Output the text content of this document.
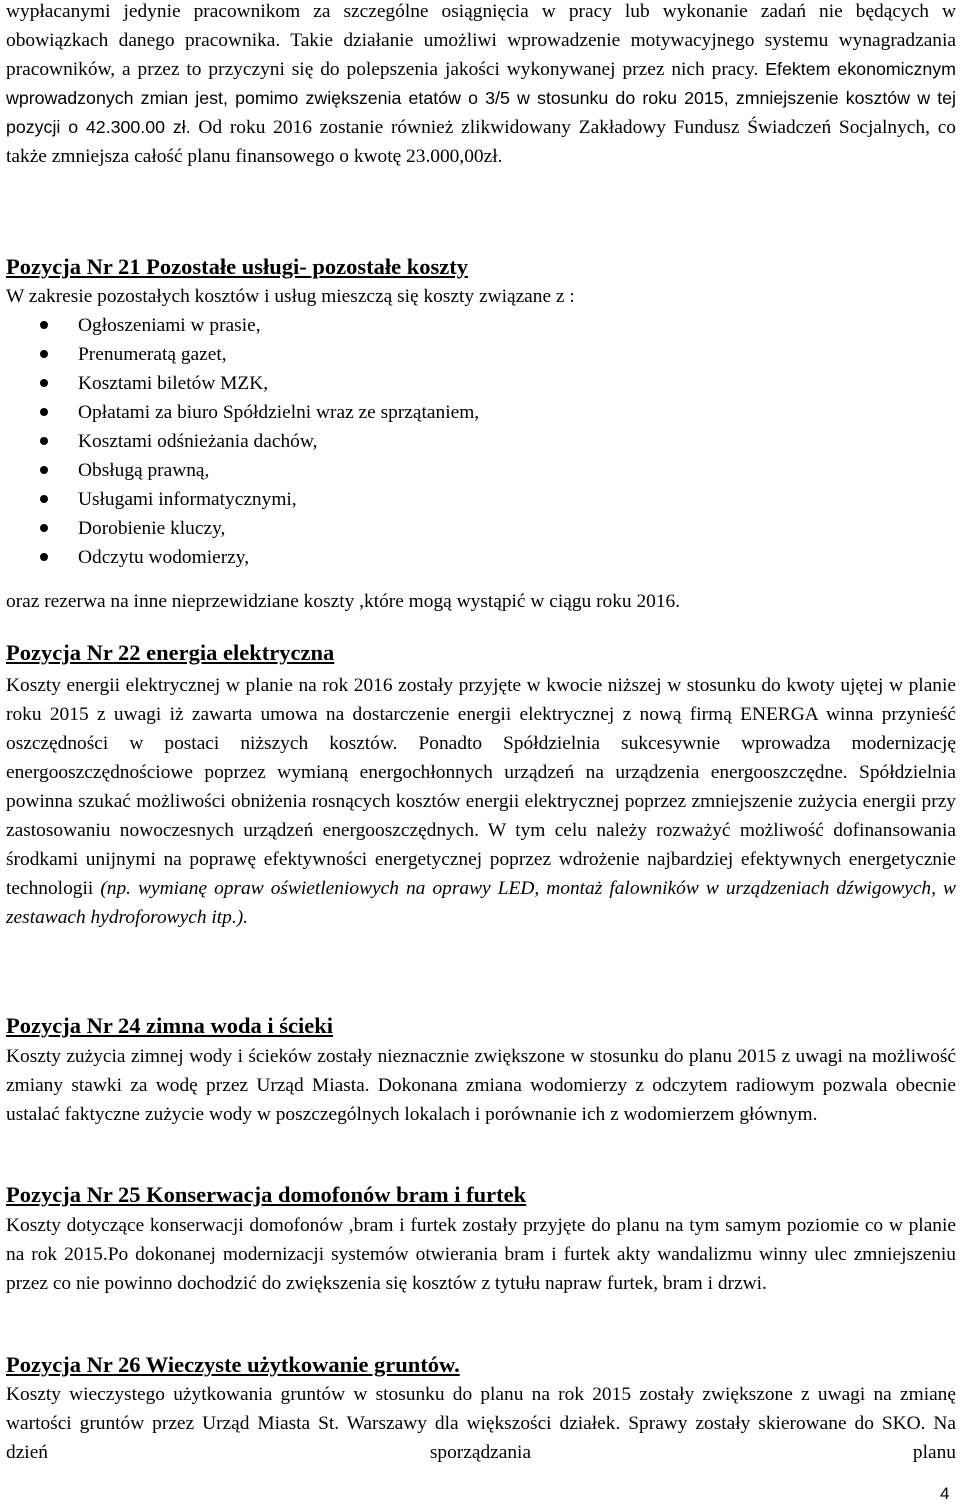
wypłacanymi jedynie pracownikom za szczególne osiągnięcia w pracy lub wykonanie zadań nie będących w obowiązkach danego pracownika. Takie działanie umożliwi wprowadzenie motywacyjnego systemu wynagradzania pracowników, a przez to przyczyni się do polepszenia jakości wykonywanej przez nich pracy. Efektem ekonomicznym wprowadzonych zmian jest, pomimo zwiększenia etatów o 3/5 w stosunku do roku 2015, zmniejszenie kosztów w tej pozycji o 42.300.00 zł. Od roku 2016 zostanie również zlikwidowany Zakładowy Fundusz Świadczeń Socjalnych, co także zmniejsza całość planu finansowego o kwotę 23.000,00zł.

Pozycja Nr 21 Pozostałe usługi- pozostałe koszty

W zakresie pozostałych kosztów i usług mieszczą się koszty związane z :

Ogłoszeniami w prasie,
Prenumeratą gazet,
Kosztami biletów MZK,
Opłatami za biuro Spółdzielni wraz ze sprzątaniem,
Kosztami odśnieżania dachów,
Obsługą prawną,
Usługami informatycznymi,
Dorobienie kluczy,
Odczytu wodomierzy,

oraz rezerwa na inne nieprzewidziane koszty ,które mogą wystąpić w ciągu roku 2016.

Pozycja Nr 22 energia elektryczna

Koszty energii elektrycznej w planie na rok 2016 zostały przyjęte w kwocie niższej w stosunku do kwoty ujętej w planie roku 2015 z uwagi iż zawarta umowa na dostarczenie energii elektrycznej z nową firmą ENERGA winna przynieść oszczędności w postaci niższych kosztów. Ponadto Spółdzielnia sukcesywnie wprowadza modernizację energooszczędnościowe poprzez wymianą energochłonnych urządzeń na urządzenia energooszczędne. Spółdzielnia powinna szukać możliwości obniżenia rosnących kosztów energii elektrycznej poprzez zmniejszenie zużycia energii przy zastosowaniu nowoczesnych urządzeń energooszczędnych. W tym celu należy rozważyć możliwość dofinansowania środkami unijnymi na poprawę efektywności energetycznej poprzez wdrożenie najbardziej efektywnych energetycznie technologii (np. wymianę opraw oświetleniowych na oprawy LED, montaż falowników w urządzeniach dźwigowych, w zestawach hydroforowych itp.).

Pozycja Nr 24 zimna woda i ścieki

Koszty zużycia zimnej wody i ścieków zostały nieznacznie zwiększone w stosunku do planu 2015 z uwagi na możliwość zmiany stawki za wodę przez Urząd Miasta. Dokonana zmiana wodomierzy z odczytem radiowym pozwala obecnie ustalać faktyczne zużycie wody w poszczególnych lokalach i porównanie ich z wodomierzem głównym.

Pozycja Nr 25 Konserwacja domofonów bram i furtek

Koszty dotyczące konserwacji domofonów ,bram i furtek zostały przyjęte do planu na tym samym poziomie co w planie na rok 2015.Po dokonanej modernizacji systemów otwierania bram i furtek akty wandalizmu winny ulec zmniejszeniu przez co nie powinno dochodzić do zwiększenia się kosztów z tytułu napraw furtek, bram i drzwi.

Pozycja Nr 26 Wieczyste użytkowanie gruntów.

Koszty wieczystego użytkowania gruntów w stosunku do planu na rok 2015 zostały zwiększone z uwagi na zmianę wartości gruntów przez Urząd Miasta St. Warszawy dla większości działek. Sprawy zostały skierowane do SKO. Na dzień sporządzania planu

4
